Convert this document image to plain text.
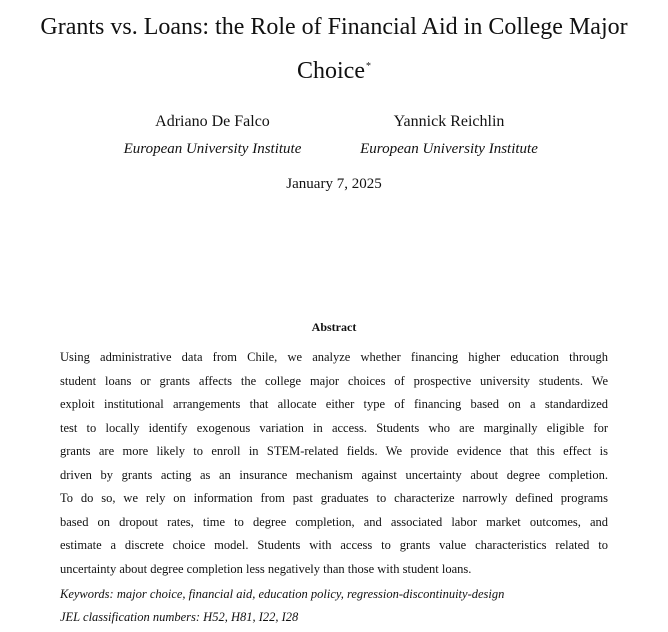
Grants vs. Loans: the Role of Financial Aid in College Major
Choice*
Adriano De Falco
European University Institute
Yannick Reichlin
European University Institute
January 7, 2025
Abstract
Using administrative data from Chile, we analyze whether financing higher education through
student loans or grants affects the college major choices of prospective university students. We
exploit institutional arrangements that allocate either type of financing based on a standardized
test to locally identify exogenous variation in access. Students who are marginally eligible for
grants are more likely to enroll in STEM-related fields. We provide evidence that this effect is
driven by grants acting as an insurance mechanism against uncertainty about degree completion.
To do so, we rely on information from past graduates to characterize narrowly defined programs
based on dropout rates, time to degree completion, and associated labor market outcomes, and
estimate a discrete choice model. Students with access to grants value characteristics related to
uncertainty about degree completion less negatively than those with student loans.
Keywords: major choice, financial aid, education policy, regression-discontinuity-design
JEL classification numbers: H52, H81, I22, I28
